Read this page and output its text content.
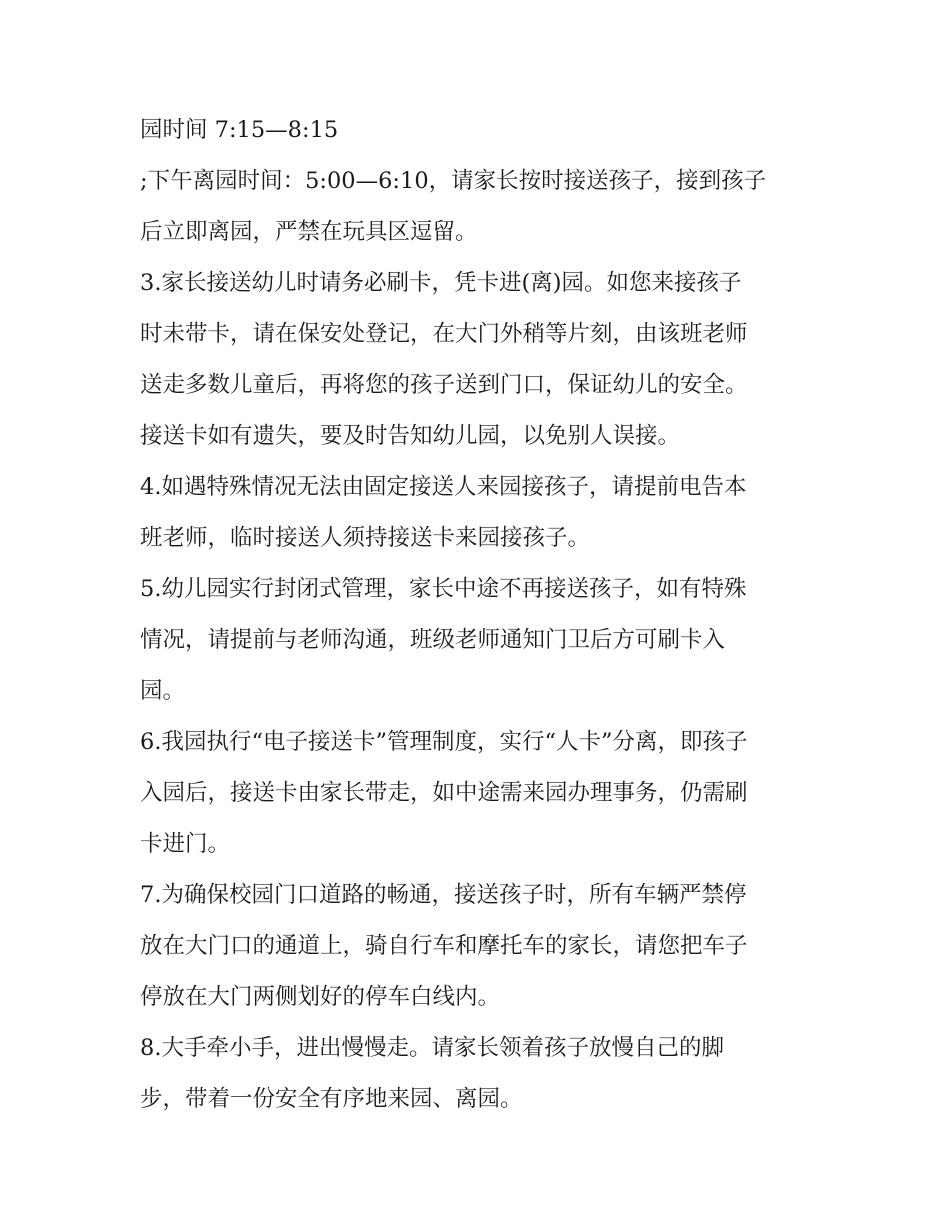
园时间 7:15—8:15
;下午离园时间：5:00—6:10，请家长按时接送孩子，接到孩子
后立即离园，严禁在玩具区逗留。
3.家长接送幼儿时请务必刷卡，凭卡进(离)园。如您来接孩子
时未带卡，请在保安处登记，在大门外稍等片刻，由该班老师
送走多数儿童后，再将您的孩子送到门口，保证幼儿的安全。
接送卡如有遗失，要及时告知幼儿园，以免别人误接。
4.如遇特殊情况无法由固定接送人来园接孩子，请提前电告本
班老师，临时接送人须持接送卡来园接孩子。
5.幼儿园实行封闭式管理，家长中途不再接送孩子，如有特殊
情况，请提前与老师沟通，班级老师通知门卫后方可刷卡入
园。
6.我园执行“电子接送卡”管理制度，实行“人卡”分离，即孩子
入园后，接送卡由家长带走，如中途需来园办理事务，仍需刷
卡进门。
7.为确保校园门口道路的畅通，接送孩子时，所有车辆严禁停
放在大门口的通道上，骑自行车和摩托车的家长，请您把车子
停放在大门两侧划好的停车白线内。
8.大手牵小手，进出慢慢走。请家长领着孩子放慢自己的脚
步，带着一份安全有序地来园、离园。
